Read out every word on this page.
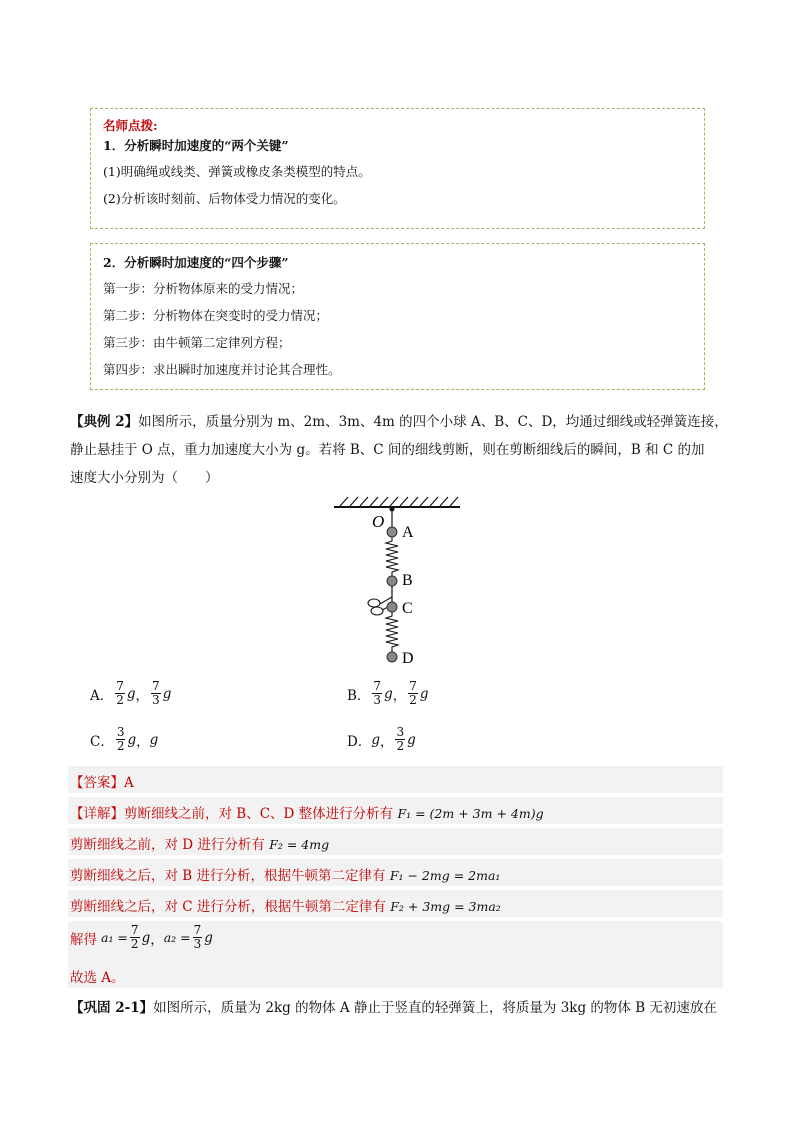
名师点拨:
1．分析瞬时加速度的“两个关键”
(1)明确绳或线类、弹簧或橡皮条类模型的特点。
(2)分析该时刻前、后物体受力情况的变化。
2．分析瞬时加速度的“四个步骤”
第一步：分析物体原来的受力情况；
第二步：分析物体在突变时的受力情况；
第三步：由牛顿第二定律列方程；
第四步：求出瞬时加速度并讨论其合理性。
【典例 2】如图所示，质量分别为 m、2m、3m、4m 的四个小球 A、B、C、D，均通过细线或轻弹簧连接，
静止悬挂于 O 点，重力加速度大小为 g。若将 B、C 间的细线剪断，则在剪断细线后的瞬间，B 和 C 的加
速度大小分别为（　　）
O
A
B
C
D
A． $\frac{7}{2}$ g ， $\frac{7}{3}$ g	B． $\frac{7}{3}$ g ， $\frac{7}{2}$ g
C． $\frac{3}{2}$ g ， g	D． g ， $\frac{3}{2}$ g
【答案】A
【详解】剪断细线之前，对 B、C、D 整体进行分析有 F₁ = (2m + 3m + 4m)g
剪断细线之前，对 D 进行分析有 F₂ = 4mg
剪断细线之后，对 B 进行分析，根据牛顿第二定律有 F₁ − 2mg = 2ma₁
剪断细线之后，对 C 进行分析，根据牛顿第二定律有 F₂ + 3mg = 3ma₂
解得 $a_1 = \frac{7}{2}$ g ， $a_2 = \frac{7}{3}$ g
故选 A。
【巩固 2-1】如图所示，质量为 2kg 的物体 A 静止于竖直的轻弹簧上，将质量为 3kg 的物体 B 无初速放在
